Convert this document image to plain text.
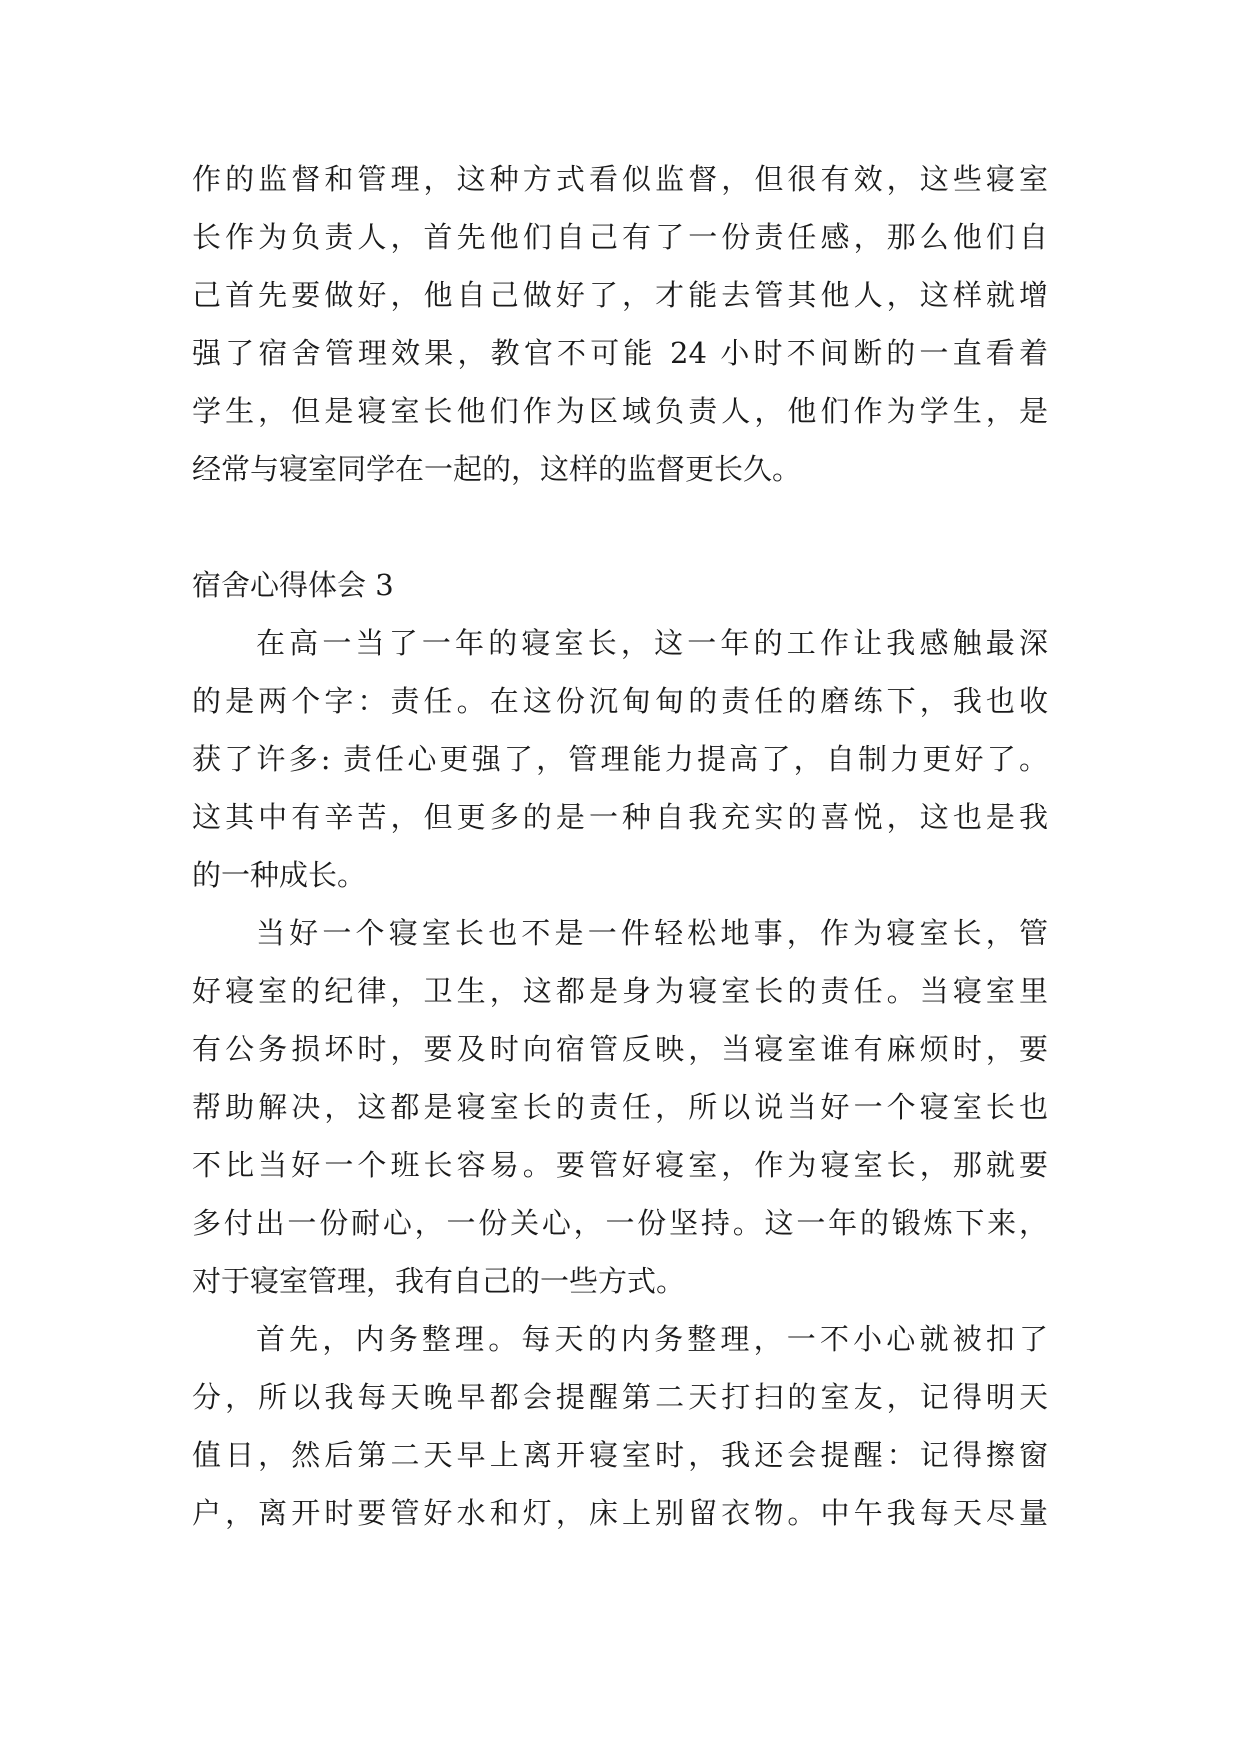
作的监督和管理，这种方式看似监督，但很有效，这些寝室
长作为负责人，首先他们自己有了一份责任感，那么他们自
己首先要做好，他自己做好了，才能去管其他人，这样就增
强了宿舍管理效果，教官不可能 24 小时不间断的一直看着
学生，但是寝室长他们作为区域负责人，他们作为学生，是
经常与寝室同学在一起的，这样的监督更长久。
宿舍心得体会 3
在高一当了一年的寝室长，这一年的工作让我感触最深
的是两个字：责任。在这份沉甸甸的责任的磨练下，我也收
获了许多: 责任心更强了，管理能力提高了，自制力更好了。
这其中有辛苦，但更多的是一种自我充实的喜悦，这也是我
的一种成长。
当好一个寝室长也不是一件轻松地事，作为寝室长，管
好寝室的纪律，卫生，这都是身为寝室长的责任。当寝室里
有公务损坏时，要及时向宿管反映，当寝室谁有麻烦时，要
帮助解决，这都是寝室长的责任，所以说当好一个寝室长也
不比当好一个班长容易。要管好寝室，作为寝室长，那就要
多付出一份耐心，一份关心，一份坚持。这一年的锻炼下来，
对于寝室管理，我有自己的一些方式。
首先，内务整理。每天的内务整理，一不小心就被扣了
分，所以我每天晚早都会提醒第二天打扫的室友，记得明天
值日，然后第二天早上离开寝室时，我还会提醒：记得擦窗
户，离开时要管好水和灯，床上别留衣物。中午我每天尽量
